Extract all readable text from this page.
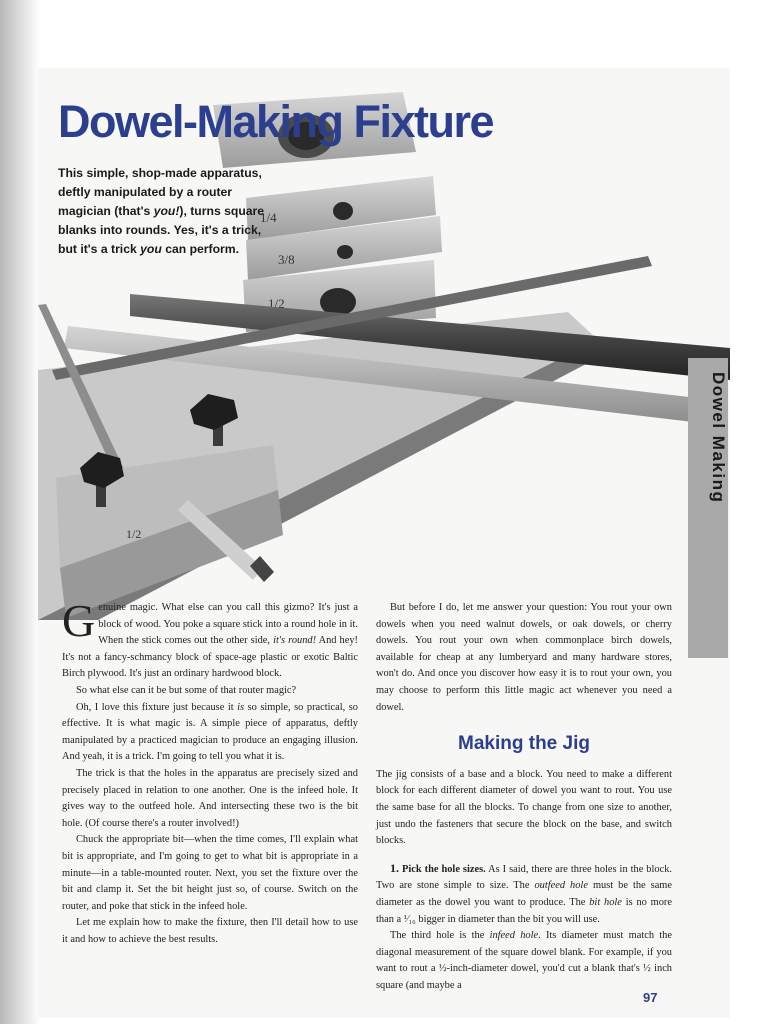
1/4
3/8
1/2
1/2
Dowel-Making Fixture

This simple, shop-made apparatus, deftly manipulated by a router magician (that's you!), turns square blanks into rounds. Yes, it's a trick, but it's a trick you can perform.

Dowel Making

Genuine magic. What else can you call this gizmo? It's just a block of wood. You poke a square stick into a round hole in it. When the stick comes out the other side, it's round! And hey! It's not a fancy-schmancy block of space-age plastic or exotic Baltic Birch plywood. It's just an ordinary hardwood block.

So what else can it be but some of that router magic?

Oh, I love this fixture just because it is so simple, so practical, so effective. It is what magic is. A simple piece of apparatus, deftly manipulated by a practiced magician to produce an engaging illusion. And yeah, it is a trick. I'm going to tell you what it is.

The trick is that the holes in the apparatus are precisely sized and precisely placed in relation to one another. One is the infeed hole. It gives way to the outfeed hole. And intersecting these two is the bit hole. (Of course there's a router involved!)

Chuck the appropriate bit—when the time comes, I'll explain what bit is appropriate, and I'm going to get to what bit is appropriate in a minute—in a table-mounted router. Next, you set the fixture over the bit and clamp it. Set the bit height just so, of course. Switch on the router, and poke that stick in the infeed hole.

Let me explain how to make the fixture, then I'll detail how to use it and how to achieve the best results.

But before I do, let me answer your question: You rout your own dowels when you need walnut dowels, or oak dowels, or cherry dowels. You rout your own when commonplace birch dowels, available for cheap at any lumberyard and many hardware stores, won't do. And once you discover how easy it is to rout your own, you may choose to perform this little magic act whenever you need a dowel.

Making the Jig

The jig consists of a base and a block. You need to make a different block for each different diameter of dowel you want to rout. You use the same base for all the blocks. To change from one size to another, just undo the fasteners that secure the block on the base, and switch blocks.

1. Pick the hole sizes. As I said, there are three holes in the block. Two are stone simple to size. The outfeed hole must be the same diameter as the dowel you want to produce. The bit hole is no more than a ¹⁄₁₆ bigger in diameter than the bit you will use.

The third hole is the infeed hole. Its diameter must match the diagonal measurement of the square dowel blank. For example, if you want to rout a ½-inch-diameter dowel, you'd cut a blank that's ½ inch square (and maybe a

97
